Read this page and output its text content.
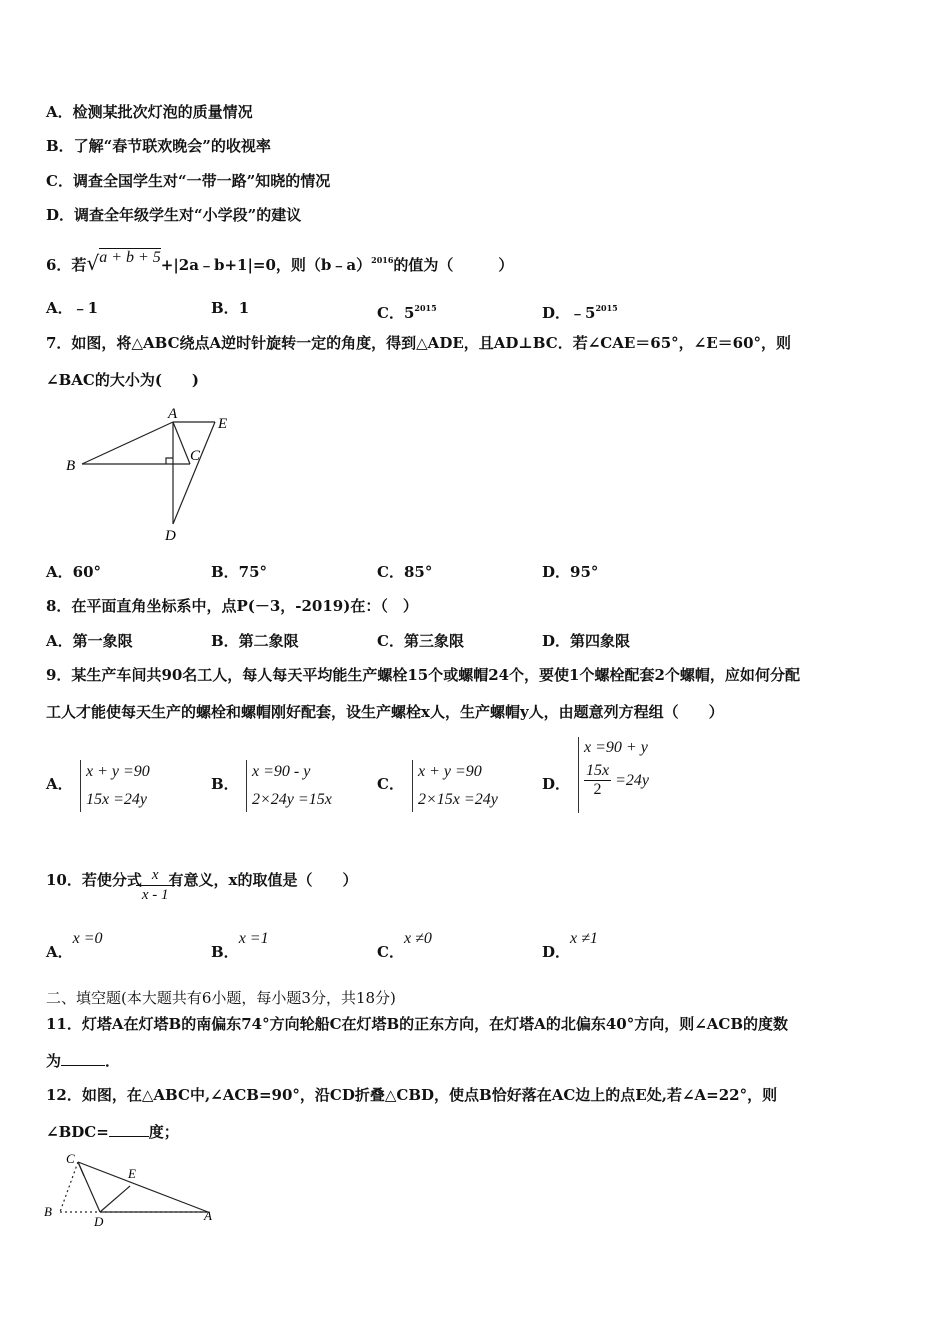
A．检测某批次灯泡的质量情况
B．了解“春节联欢晚会”的收视率
C．调查全国学生对“一带一路”知晓的情况
D．调查全年级学生对“小学段”的建议
6．若√a + b + 5+|2a﹣b+1|=0，则（b﹣a）$^{2016}$的值为（　　　）
A．﹣1	B．1	C．$5^{2015}$	D．$﹣5^{2015}$
7．如图，将△ABC绕点A逆时针旋转一定的角度，得到△ADE，且AD⊥BC．若∠CAE＝65°，∠E＝60°，则
∠BAC的大小为(　　)
A
B
C
D
E
A．60°	B．75°	C．85°	D．95°
8．在平面直角坐标系中，点P(－3，-2019)在：（　）
A．第一象限	B．第二象限	C．第三象限	D．第四象限
9．某生产车间共90名工人，每人每天平均能生产螺栓15个或螺帽24个，要使1个螺栓配套2个螺帽，应如何分配
工人才能使每天生产的螺栓和螺帽刚好配套，设生产螺栓x人，生产螺帽y人，由题意列方程组（　　）
A．
x + y =90
15x =24y
B．
x =90 - y
2×24y =15x
C．
x + y =90
2×15x =24y
D．
x =90 + y
$\frac{15x}{2} =24y$
10．若使分式 $\frac{x}{x - 1}$ 有意义，x的取值是（　　）
A．x =0
B．x =1
C．x ≠0
D．x ≠1
二、填空题(本大题共有6小题，每小题3分，共18分)
11．灯塔A在灯塔B的南偏东74°方向轮船C在灯塔B的正东方向，在灯塔A的北偏东40°方向，则∠ACB的度数
为	．
12．如图，在△ABC中,∠ACB=90°，沿CD折叠△CBD，使点B恰好落在AC边上的点E处,若∠A=22°，则
∠BDC=	度；
C
E
B
D	A
